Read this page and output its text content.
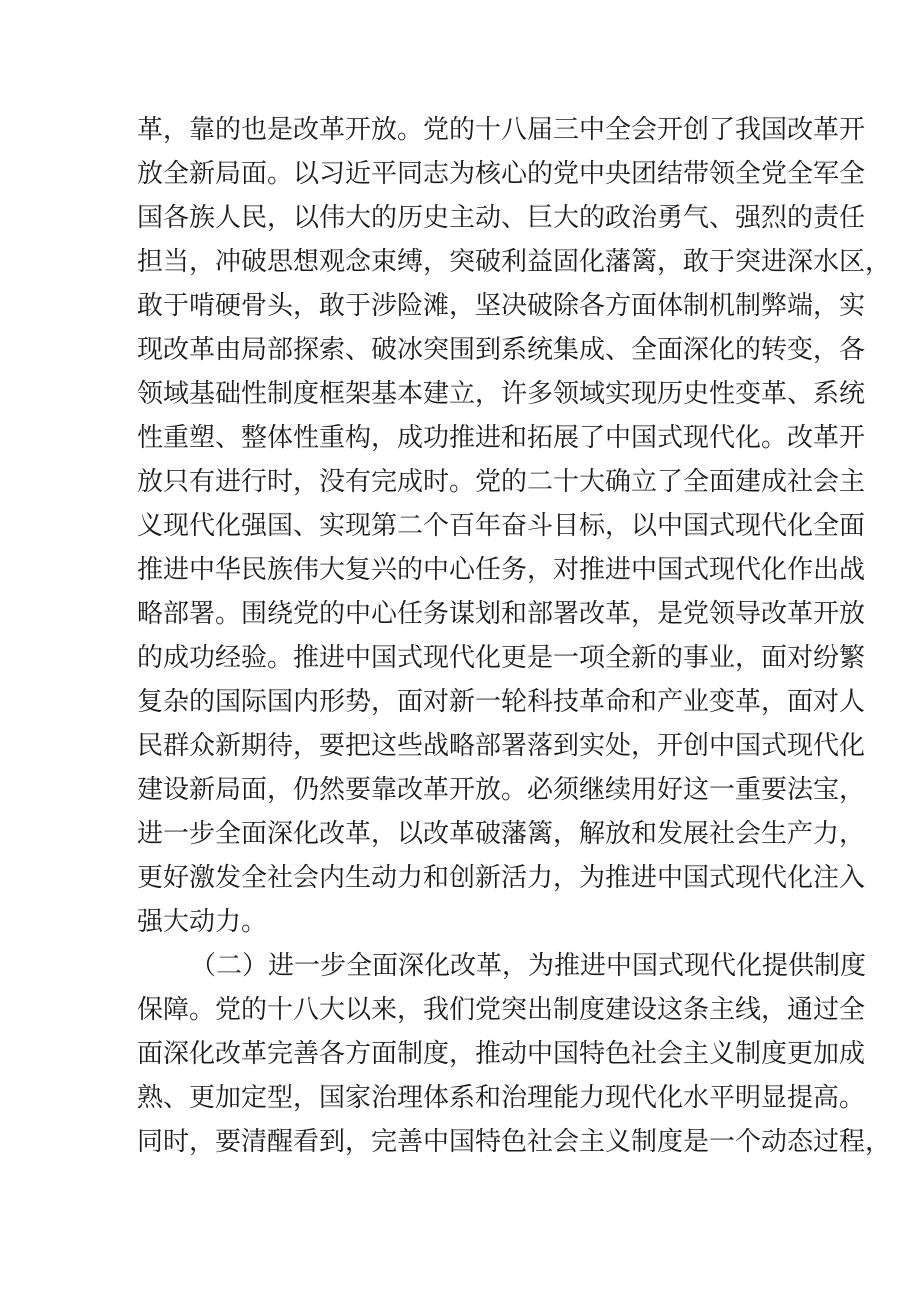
革，靠的也是改革开放。党的十八届三中全会开创了我国改革开
放全新局面。以习近平同志为核心的党中央团结带领全党全军全
国各族人民，以伟大的历史主动、巨大的政治勇气、强烈的责任
担当，冲破思想观念束缚，突破利益固化藩篱，敢于突进深水区，
敢于啃硬骨头，敢于涉险滩，坚决破除各方面体制机制弊端，实
现改革由局部探索、破冰突围到系统集成、全面深化的转变，各
领域基础性制度框架基本建立，许多领域实现历史性变革、系统
性重塑、整体性重构，成功推进和拓展了中国式现代化。改革开
放只有进行时，没有完成时。党的二十大确立了全面建成社会主
义现代化强国、实现第二个百年奋斗目标，以中国式现代化全面
推进中华民族伟大复兴的中心任务，对推进中国式现代化作出战
略部署。围绕党的中心任务谋划和部署改革，是党领导改革开放
的成功经验。推进中国式现代化更是一项全新的事业，面对纷繁
复杂的国际国内形势，面对新一轮科技革命和产业变革，面对人
民群众新期待，要把这些战略部署落到实处，开创中国式现代化
建设新局面，仍然要靠改革开放。必须继续用好这一重要法宝，
进一步全面深化改革，以改革破藩篱，解放和发展社会生产力，
更好激发全社会内生动力和创新活力，为推进中国式现代化注入
强大动力。
（二）进一步全面深化改革，为推进中国式现代化提供制度
保障。党的十八大以来，我们党突出制度建设这条主线，通过全
面深化改革完善各方面制度，推动中国特色社会主义制度更加成
熟、更加定型，国家治理体系和治理能力现代化水平明显提高。
同时，要清醒看到，完善中国特色社会主义制度是一个动态过程，
